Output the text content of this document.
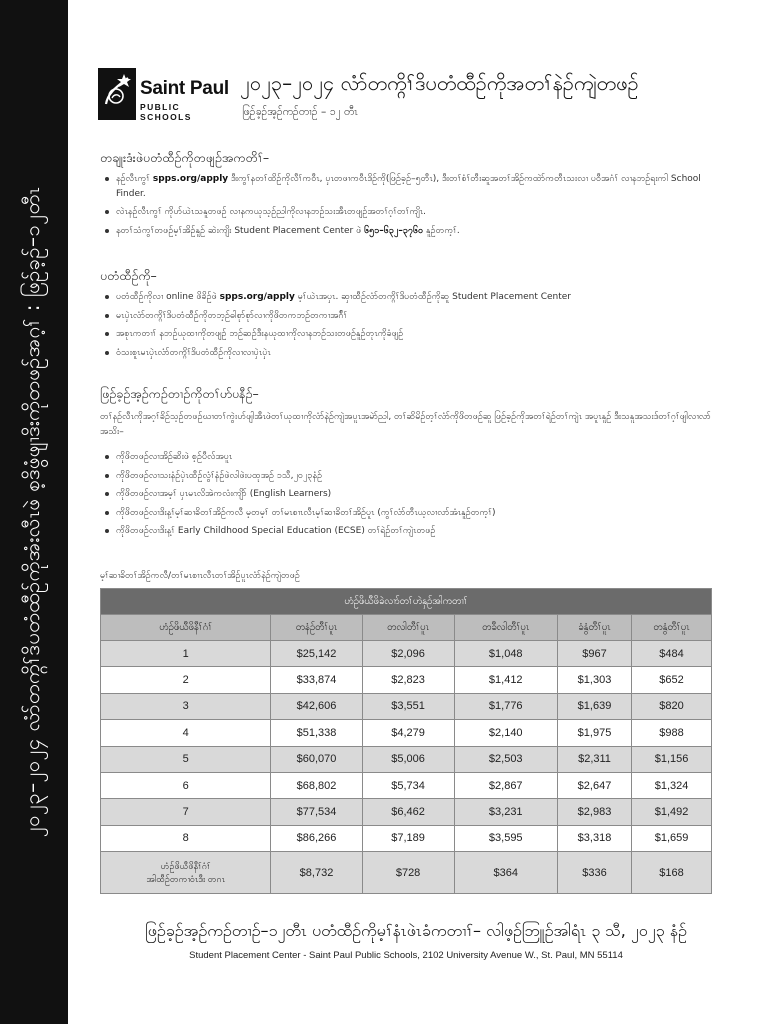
၂၀၂၃–၂၀၂၄ လံာ်တက္ဂိၢ်ဒိပတံထီဉ်ကိုအံးလီၤဖဲ စ့ဒိဖွံဖျၢဒိးကိုတဖဉ်အဂ့ၢ် : ဖြဉ်ခ့ဉ်–၁၂တီၤ
Saint Paul
PUBLIC SCHOOLS
၂၀၂၃–၂၀၂၄ လံာ်တက္ဂိၢ်ဒိပတံထီဉ်ကိုအတၢ်နဲဉ်ကျဲတဖဉ်
ဖြဉ်ခ့ဉ်အ့ဉ်ကဉ်တၢဉ် – ၁၂ တီၤ
တချုးဒံးဖဲပတံထီဉ်ကိုတဖျဉ်အကတိၢ်–
နဉ်လီၤကွၢ် spps.org/apply ဒီးကွၢ်နတၢ်ထိဉ်ကိုလီၢ်ကဝီၤ, ပှၤတဖၢကဝီၤဒိဉ်ကို(ဖြဉ်ခ့ဉ်–၅တီၤ), ဒီးတၢ်စံၢ်တီးဆူအတၢ်အိဉ်ကထဲာ်ကတီၤသးလၢ ပဝီအဂံၢ် လၢနဘဉ်ရးကါ School Finder.
လဲၤနဉ်လီၤကွၢ် ကိုဟ်ယဲၤသနူတဖဉ် လၢနကယုသ့ဉ်ညါကိုလၢနဘဉ်သးအီၤတဖျဉ်အတၢ်ဂ့ၢ်တၢ်ကျိၤ.
နတၢ်သံကွၢ်တဖဉ်မ့ၢ်အိဉ်နူဉ် ဆဲးကျိး Student Placement Center ဖဲ ၆၅၁–၆၃၂–၃၇၆၀ နူဉ်တက့ၢ်.
ပတံထီဉ်ကို–
ပတံထီဉ်ကိုလၢ online ဖိခိဉ်ဖဲ spps.org/apply မ့ၢ်ယဲၤအပှၤ. ဆှၢထီဉ်လံာ်တက္ဂိၢ်ဒိပတံထီဉ်ကိုဆူ Student Placement Center
မၤပှဲၤလံာ်တက္ဂိၢ်ဒိပတံထီဉ်ကိုတဘ့ဉ်ဓါစုာ်စုာ်လၢကိုဖိတကဘဉ်တကၢအဂ်ီၢ်
အစုၤကတၢၢ် နဘဉ်ယုထၢကိုတဖျဉ် ဘဉ်ဆဉ်ဒီးနယုထၢကိုလၢနဘဉ်သးတဖဉ်နူဉ်တုၤကိုခံဖျဉ်
ဝံသးစူၤမၤပှဲၤလံာ်တက္ဂိၢ်ဒိပတံထီဉ်ကိုလၢလၢပှဲၤပှဲၤ
ဖြဉ်ခ့ဉ်အ့ဉ်ကဉ်တၢဉ်ကိုတၢ်ဟ်ပနီဉ်–
တၢ်နဉ်လီၤကိုအဂ့ၢ်ခိဉ်သ့ဉ်တဖဉ်ဃၢတၢ်ကွဲးဟ်ဖျါအီၤဖဲတၢ်ယုထၢကိုလံာ်နဲဉ်ကျဲအပူၤအမဲာ်ညါ, တၢ်ဆိမိဉ်တ့ၢ်လံာ်ကိုဖိတဖဉ်ဆူ ဖြဉ်ခ့ဉ်ကိုအတၢ်ရဲဉ်တၢ်ကျဲၤ အပူၤနူဉ် ဒီးသနူအသးဒ်တၢ်ဂ့ၢ်ဖျါလၢလာ်အသိး–
ကိုဖိတဖဉ်လၢအိဉ်ဆိးဖဲ စ့ဉ်ပီလ်အပူၤ
ကိုဖိတဖဉ်လၢသးနံဉ်ပှဲၤထီဉ်လွံၢ်နံဉ်ဖဲလါဖဲးပထုအဉ် ၁သီ,၂၀၂၃နံဉ်
ကိုဖိတဖဉ်လၢအမ့ၢ် ပှၤမၤလိအဲကလံးကျိာ် (English Learners)
ကိုဖိတဖဉ်လၢဒိးန့ၢ်မ့ၢ်ဆၢခိတၢ်အိဉ်ကလီ မ့တမ့ၢ် တၢ်မၤစၢၤလီၤမ့ၢ်ဆၢခိတၢ်အိဉ်ပူၤ (ကွၢ်လံာ်တီၤယ့လၢလာ်အံၤနူဉ်တက့ၢ်)
ကိုဖိတဖဉ်လၢဒိးန့ၢ် Early Childhood Special Education (ECSE) တၢ်ရဲဉ်တၢ်ကျဲၤတဖဉ်
မ့ၢ်ဆၢခိတၢ်အိဉ်ကလီ/တၢ်မၤစၢၤလီၤတၢ်အိဉ်ပူၤလံာ်နဲဉ်ကျဲတဖဉ်
ဟံဉ်ဖိယီဖိခဲလၢာ်တၢ်ဟဲနှဉ်အါကတၢၢ်					
ဟံဉ်ဖိယီဖိနီၢ်ဂံၢ်	တနံဉ်တီၢ်ပူၤ	တလါတီၢ်ပူၤ	တခီလါတီၢ်ပူၤ	ခံနွံတီၢ်ပူၤ	တနွံတီၢ်ပူၤ
1	$25,142	$2,096	$1,048	$967	$484
2	$33,874	$2,823	$1,412	$1,303	$652
3	$42,606	$3,551	$1,776	$1,639	$820
4	$51,338	$4,279	$2,140	$1,975	$988
5	$60,070	$5,006	$2,503	$2,311	$1,156
6	$68,802	$5,734	$2,867	$2,647	$1,324
7	$77,534	$6,462	$3,231	$2,983	$1,492
8	$86,266	$7,189	$3,595	$3,318	$1,659
ဟံဉ်ဖိယီဖိနီၢ်ဂံၢ်
အါထီဉ်တကၢဝံၤဒီး တဂၤ	$8,732	$728	$364	$336	$168
ဖြဉ်ခ့ဉ်အ့ဉ်ကဉ်တၢဉ်–၁၂တီၤ ပတံထီဉ်ကိုမ့ၢ်နံၤဖဲၤခံကတၢၢ်– လါဖ့ဉ်ဘြူဉ်အါရံၤ ၃ သီ, ၂၀၂၃ နံဉ်
Student Placement Center - Saint Paul Public Schools, 2102 University Avenue W., St. Paul, MN 55114
